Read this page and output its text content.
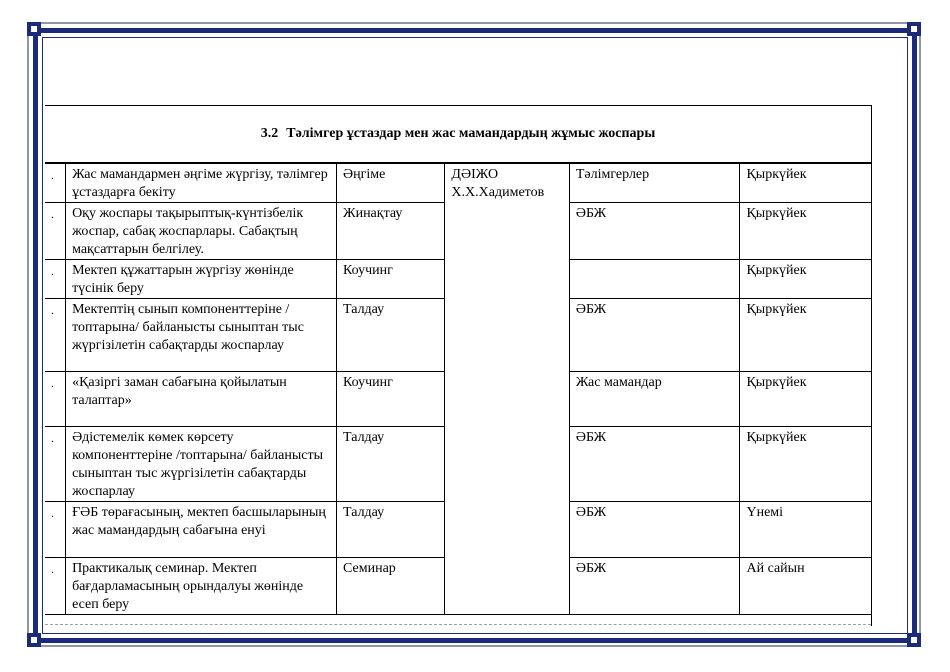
3.2 Тәлімгер ұстаздар мен жас мамандардың жұмыс жоспары
.	Жас мамандармен әңгіме жүргізу, тәлімгер ұстаздарға бекіту	Әңгіме	ДӘІЖО Х.Х.Хадиметов	Тәлімгерлер	Қыркүйек
.	Оқу жоспары тақырыптық-күнтізбелік жоспар, сабақ жоспарлары. Сабақтың мақсаттарын белгілеу.	Жинақтау		ӘБЖ	Қыркүйек
.	Мектеп құжаттарын жүргізу жөнінде түсінік беру	Коучинг			Қыркүйек
.	Мектептің сынып компоненттеріне /топтарына/ байланысты сыныптан тыс жүргізілетін сабақтарды жоспарлау	Талдау		ӘБЖ	Қыркүйек
.	«Қазіргі заман сабағына қойылатын талаптар»	Коучинг		Жас мамандар	Қыркүйек
.	Әдістемелік көмек көрсету компоненттеріне /топтарына/ байланысты сыныптан тыс жүргізілетін сабақтарды жоспарлау	Талдау		ӘБЖ	Қыркүйек
.	ҒӘБ төрағасының, мектеп басшыларының жас мамандардың сабағына енуі	Талдау		ӘБЖ	Үнемі
.	Практикалық семинар. Мектеп бағдарламасының орындалуы жөнінде есеп беру	Семинар		ӘБЖ	Ай сайын
